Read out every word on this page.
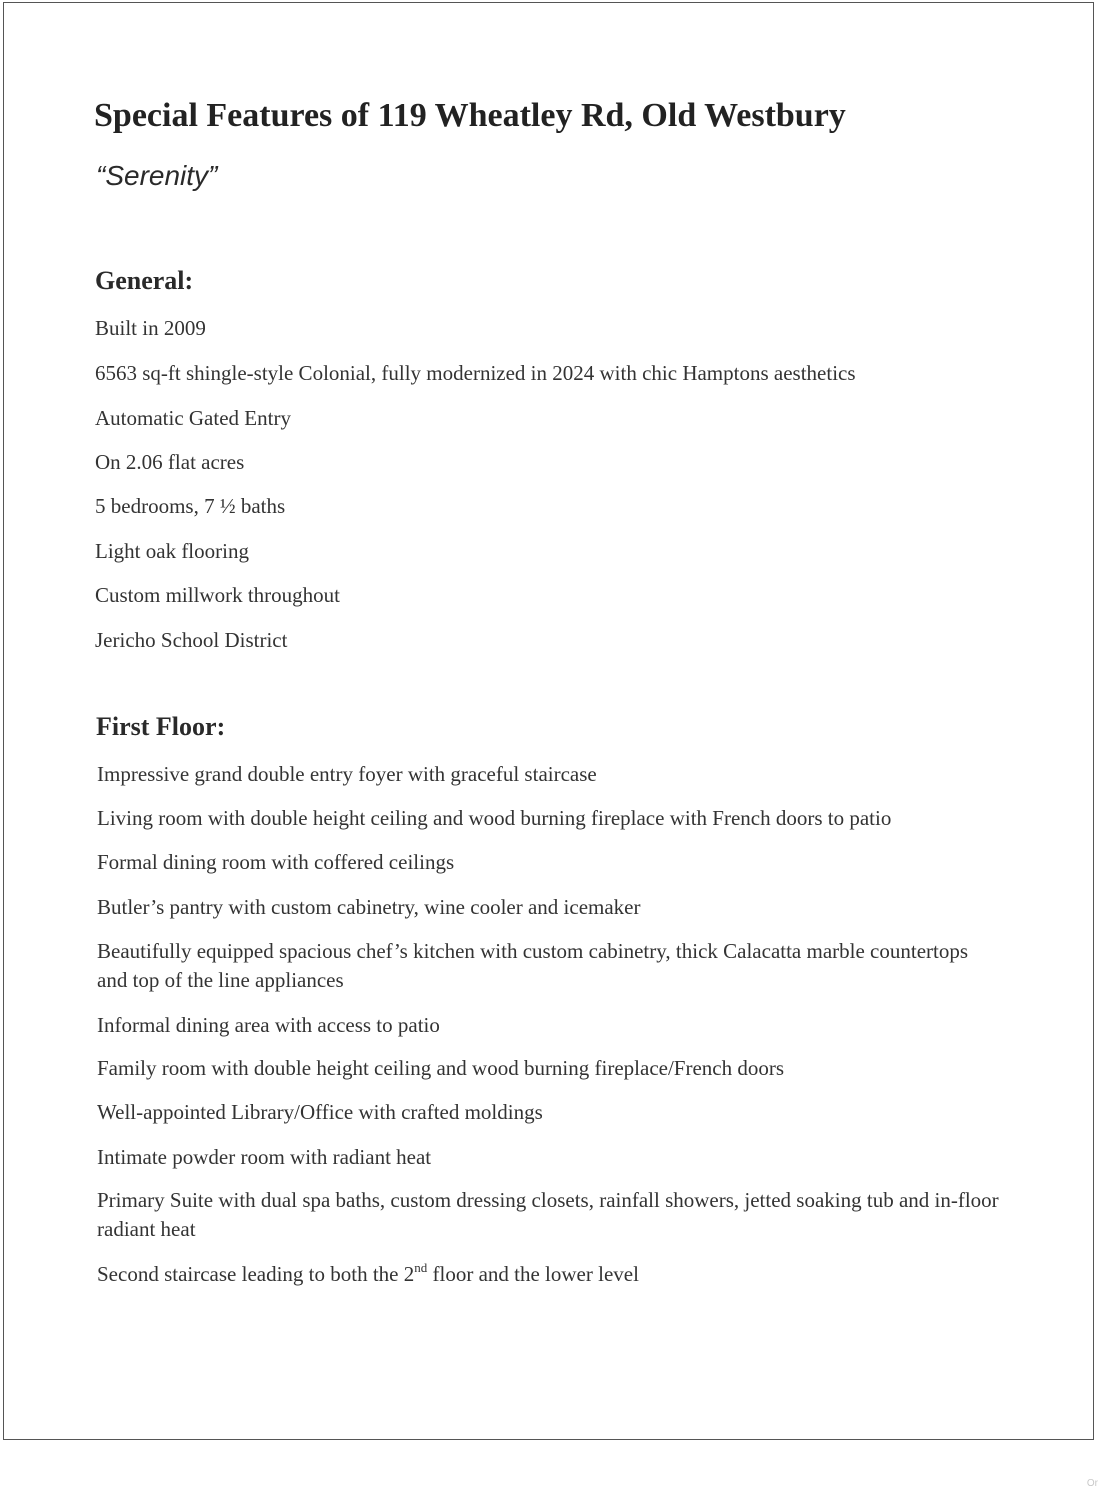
Special Features of 119 Wheatley Rd, Old Westbury

“Serenity”

General:

Built in 2009

6563 sq-ft shingle-style Colonial, fully modernized in 2024 with chic Hamptons aesthetics

Automatic Gated Entry

On 2.06 flat acres

5 bedrooms, 7 ½ baths

Light oak flooring

Custom millwork throughout

Jericho School District

First Floor:

Impressive grand double entry foyer with graceful staircase

Living room with double height ceiling and wood burning fireplace with French doors to patio

Formal dining room with coffered ceilings

Butler’s pantry with custom cabinetry, wine cooler and icemaker

Beautifully equipped spacious chef’s kitchen with custom cabinetry, thick Calacatta marble countertops and top of the line appliances

Informal dining area with access to patio

Family room with double height ceiling and wood burning fireplace/French doors

Well-appointed Library/Office with crafted moldings

Intimate powder room with radiant heat

Primary Suite with dual spa baths, custom dressing closets, rainfall showers, jetted soaking tub and in-floor radiant heat

Second staircase leading to both the 2nd floor and the lower level

Or
